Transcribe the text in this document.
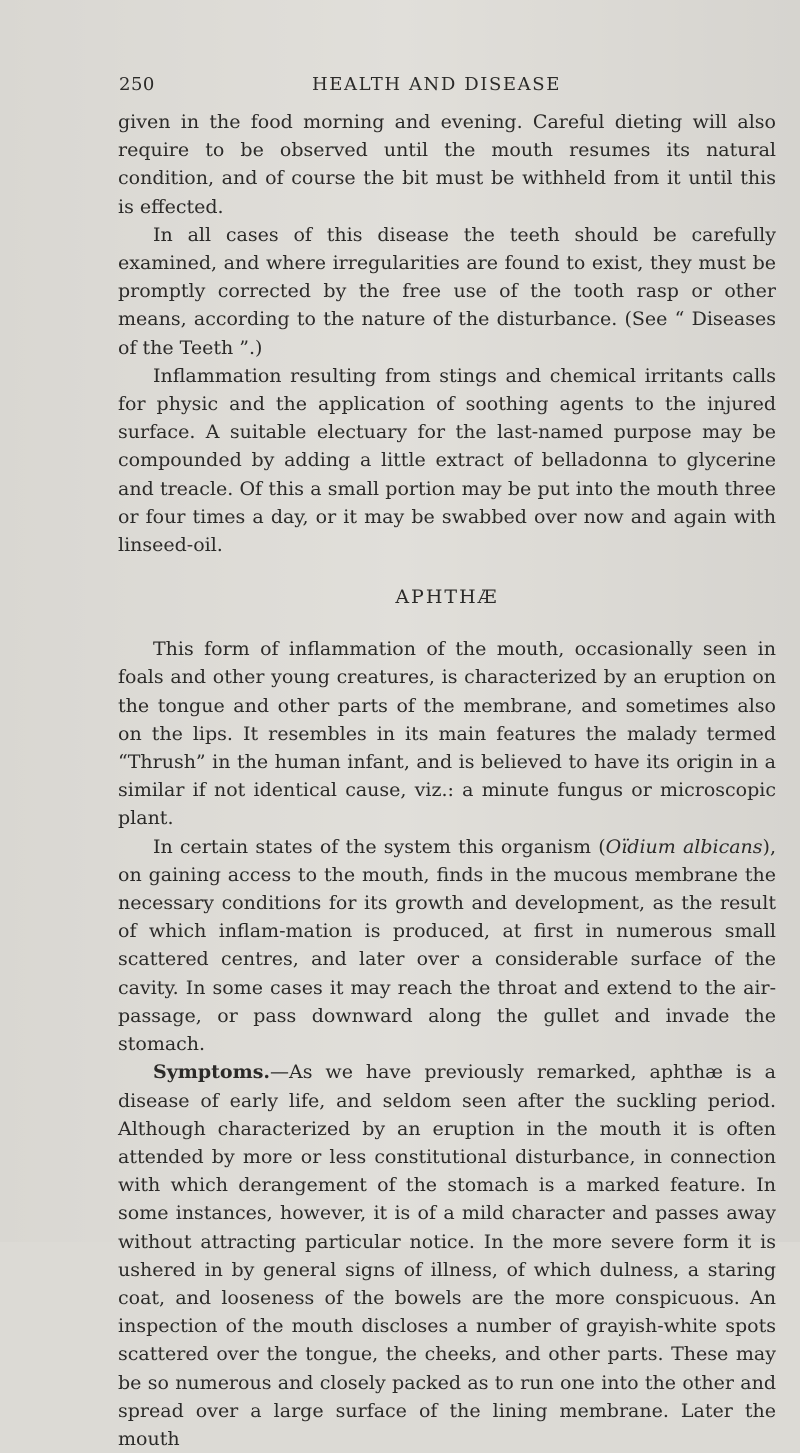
250	HEALTH AND DISEASE

given in the food morning and evening. Careful dieting will also require to be observed until the mouth resumes its natural condition, and of course the bit must be withheld from it until this is effected.

In all cases of this disease the teeth should be carefully examined, and where irregularities are found to exist, they must be promptly corrected by the free use of the tooth rasp or other means, according to the nature of the disturbance. (See “ Diseases of the Teeth ”.)

Inflammation resulting from stings and chemical irritants calls for physic and the application of soothing agents to the injured surface. A suitable electuary for the last-named purpose may be compounded by adding a little extract of belladonna to glycerine and treacle. Of this a small portion may be put into the mouth three or four times a day, or it may be swabbed over now and again with linseed-oil.

APHTHÆ

This form of inflammation of the mouth, occasionally seen in foals and other young creatures, is characterized by an eruption on the tongue and other parts of the membrane, and sometimes also on the lips. It resembles in its main features the malady termed “Thrush” in the human infant, and is believed to have its origin in a similar if not identical cause, viz.: a minute fungus or microscopic plant.

In certain states of the system this organism (Oïdium albicans), on gaining access to the mouth, finds in the mucous membrane the necessary conditions for its growth and development, as the result of which inflam-mation is produced, at first in numerous small scattered centres, and later over a considerable surface of the cavity. In some cases it may reach the throat and extend to the air-passage, or pass downward along the gullet and invade the stomach.

Symptoms.—As we have previously remarked, aphthæ is a disease of early life, and seldom seen after the suckling period. Although characterized by an eruption in the mouth it is often attended by more or less constitutional disturbance, in connection with which derangement of the stomach is a marked feature. In some instances, however, it is of a mild character and passes away without attracting particular notice. In the more severe form it is ushered in by general signs of illness, of which dulness, a staring coat, and looseness of the bowels are the more conspicuous. An inspection of the mouth discloses a number of grayish-white spots scattered over the tongue, the cheeks, and other parts. These may be so numerous and closely packed as to run one into the other and spread over a large surface of the lining membrane. Later the mouth
